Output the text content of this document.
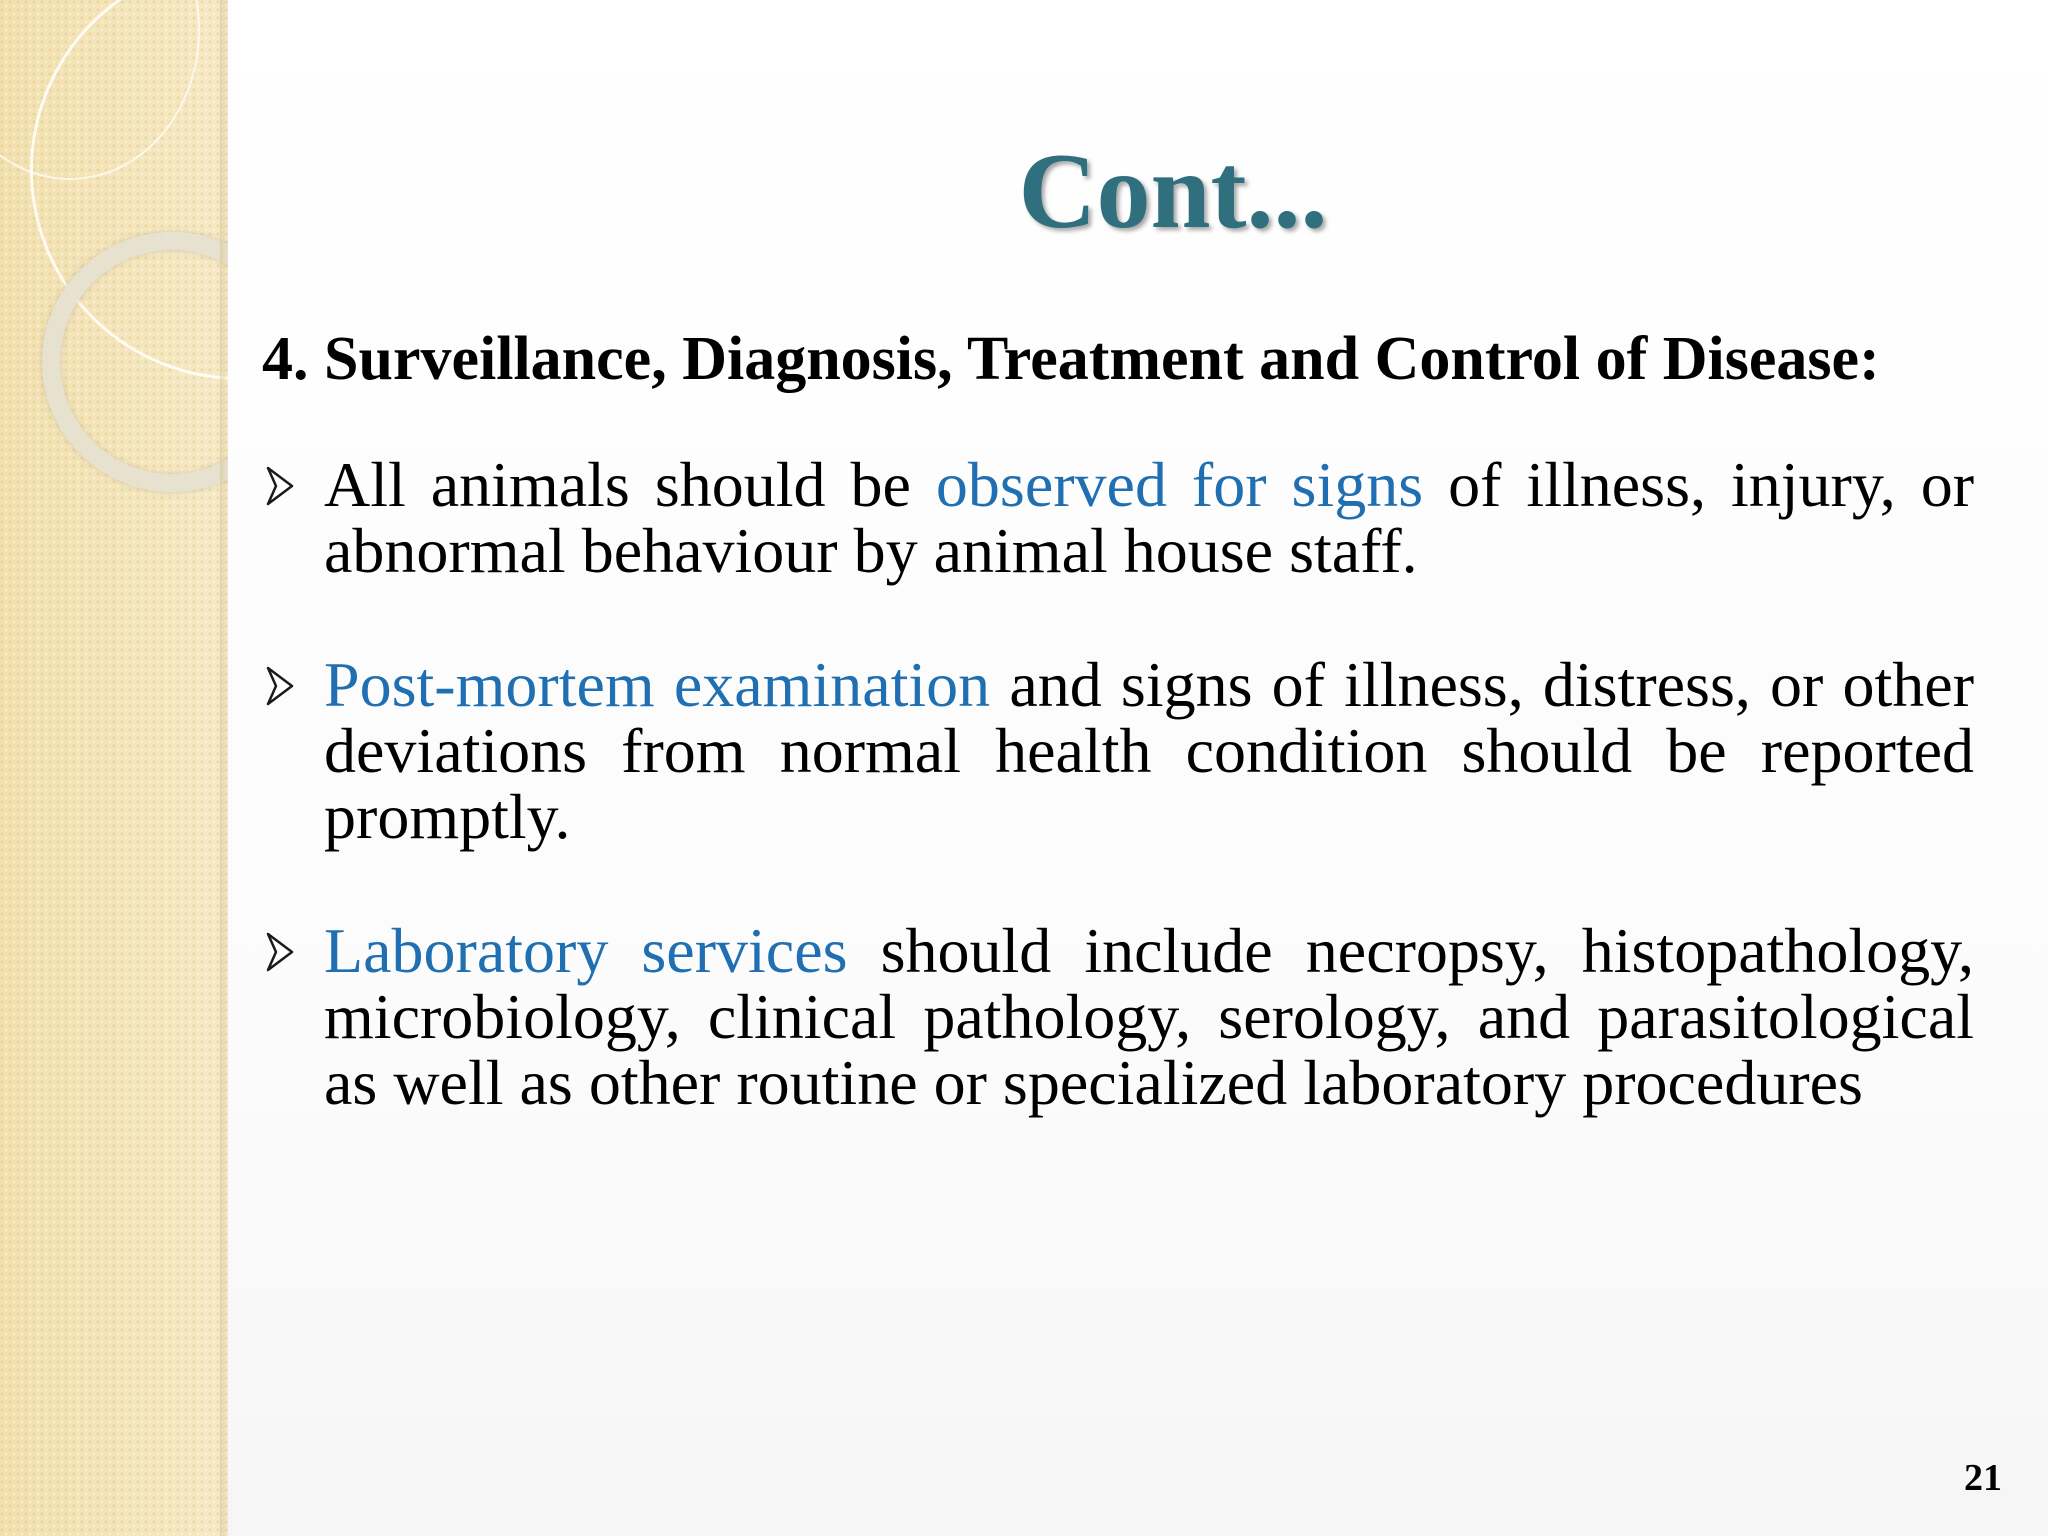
Cont...
4. Surveillance, Diagnosis, Treatment and Control of Disease:
All animals should be observed for signs of illness, injury, or abnormal behaviour by animal house staff.
Post-mortem examination and signs of illness, distress, or other deviations from normal health condition should be reported promptly.
Laboratory services should include necropsy, histopathology, microbiology, clinical pathology, serology, and parasitological as well as other routine or specialized laboratory procedures
21
